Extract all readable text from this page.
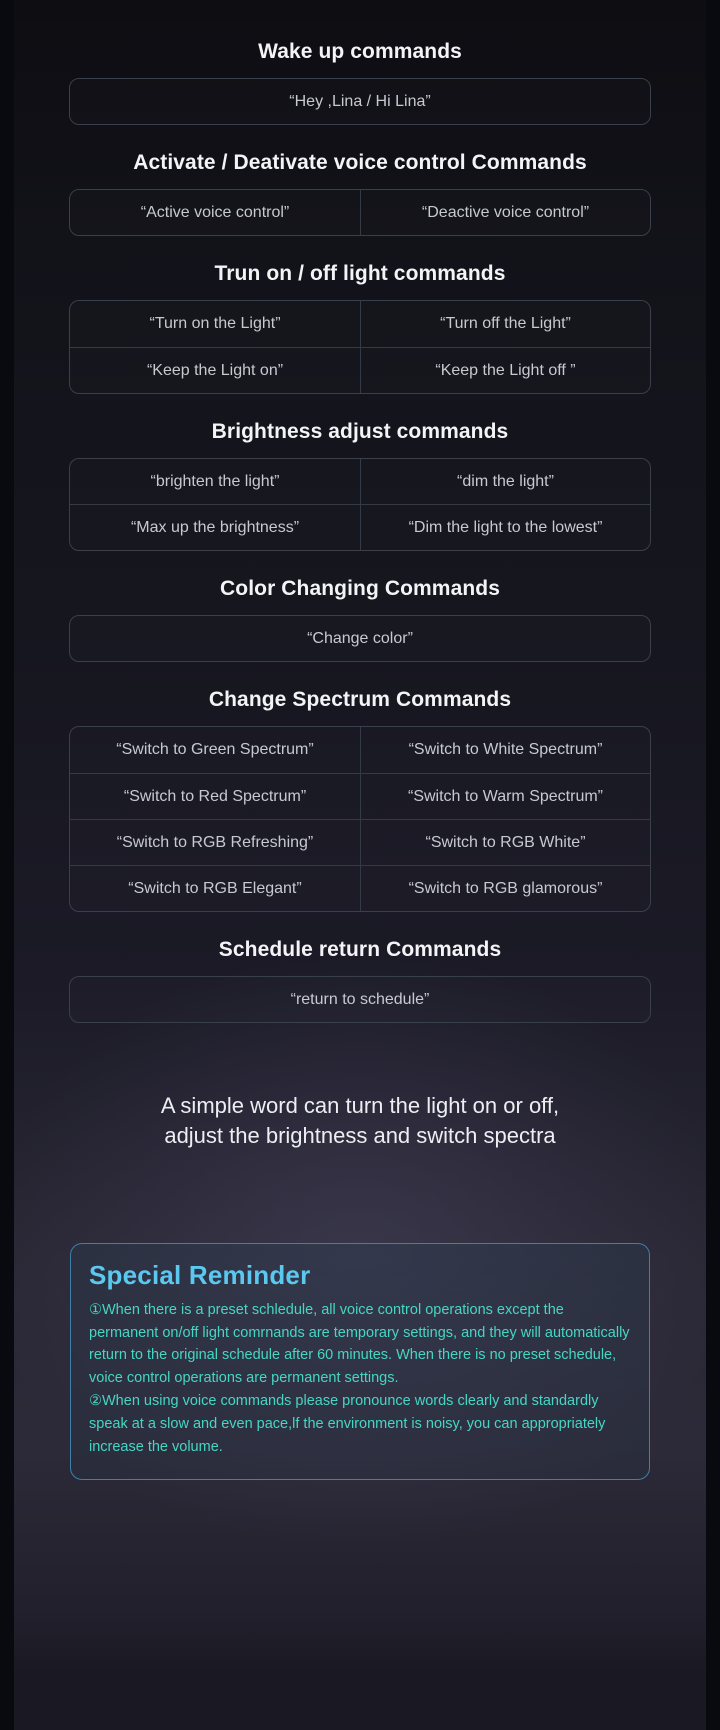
Wake up commands
“Hey ,Lina / Hi Lina”
Activate / Deativate voice control Commands
“Active voice control”	“Deactive voice control”
Trun on / off light commands
“Turn on the Light”	“Turn off the Light”
“Keep the Light on”	“Keep the Light off ”
Brightness adjust commands
“brighten the light”	“dim the light”
“Max up the brightness”	“Dim the light to the lowest”
Color Changing Commands
“Change color”
Change Spectrum Commands
“Switch to Green Spectrum”	“Switch to White Spectrum”
“Switch to Red Spectrum”	“Switch to Warm Spectrum”
“Switch to RGB Refreshing”	“Switch to RGB White”
“Switch to RGB Elegant”	“Switch to RGB glamorous”
Schedule return Commands
“return to schedule”
A simple word can turn the light on or off,
adjust the brightness and switch spectra
Special Reminder

①When there is a preset schledule, all voice control operations except the permanent on/off light comrnands are temporary settings, and they will automatically return to the original schedule after 60 minutes. When there is no preset schedule, voice control operations are permanent settings.

②When using voice commands please pronounce words clearly and standardly speak at a slow and even pace,lf the environment is noisy, you can appropriately increase the volume.
